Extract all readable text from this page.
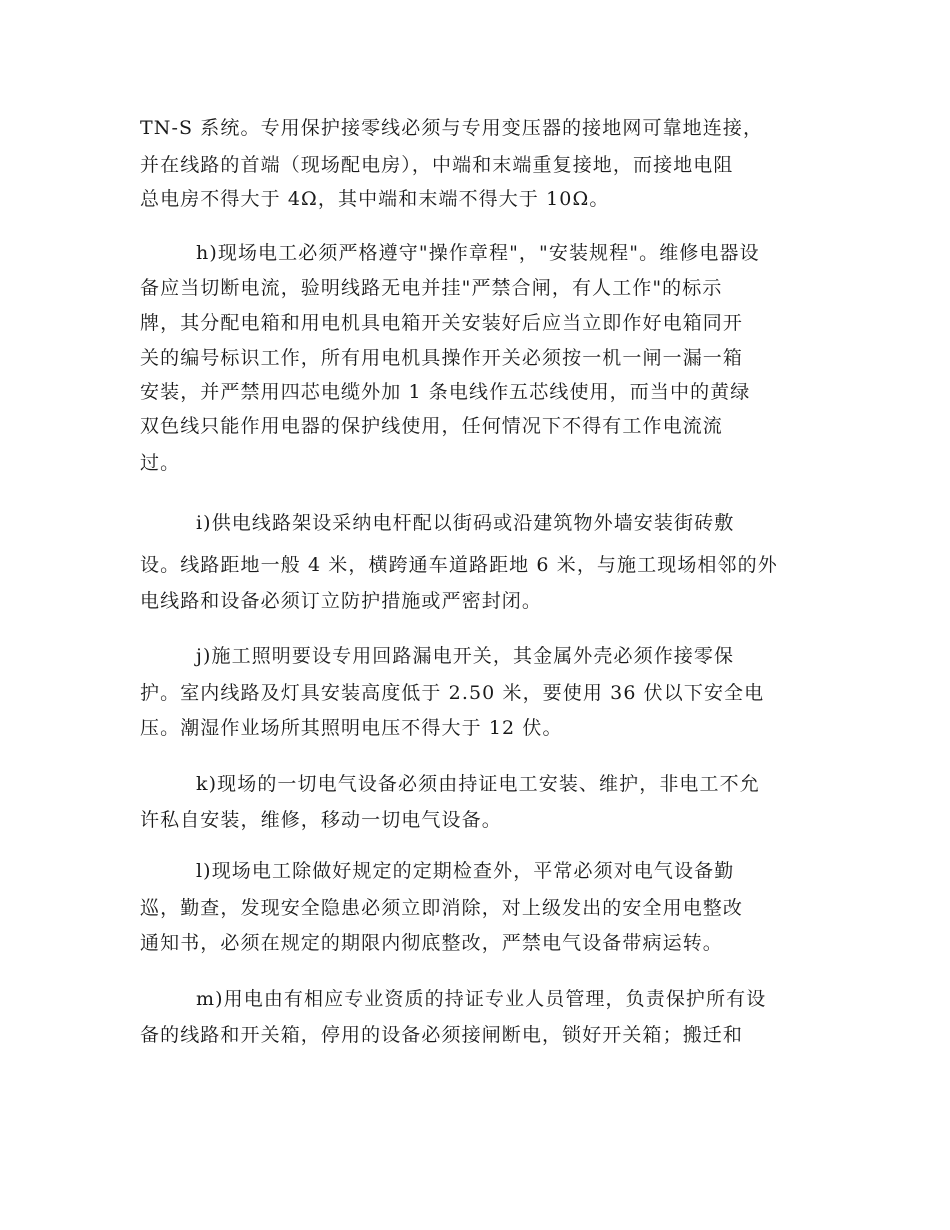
TN-S 系统。专用保护接零线必须与专用变压器的接地网可靠地连接，
并在线路的首端（现场配电房），中端和末端重复接地，而接地电阻
总电房不得大于 4Ω，其中端和末端不得大于 10Ω。
h)现场电工必须严格遵守"操作章程"，"安装规程"。维修电器设
备应当切断电流，验明线路无电并挂"严禁合闸，有人工作"的标示
牌，其分配电箱和用电机具电箱开关安装好后应当立即作好电箱同开
关的编号标识工作，所有用电机具操作开关必须按一机一闸一漏一箱
安装，并严禁用四芯电缆外加 1 条电线作五芯线使用，而当中的黄绿
双色线只能作用电器的保护线使用，任何情况下不得有工作电流流
过。
i)供电线路架设采纳电杆配以街码或沿建筑物外墙安装街砖敷
设。线路距地一般 4 米，横跨通车道路距地 6 米，与施工现场相邻的外
电线路和设备必须订立防护措施或严密封闭。
j)施工照明要设专用回路漏电开关，其金属外壳必须作接零保
护。室内线路及灯具安装高度低于 2.50 米，要使用 36 伏以下安全电
压。潮湿作业场所其照明电压不得大于 12 伏。
k)现场的一切电气设备必须由持证电工安装、维护，非电工不允
许私自安装，维修，移动一切电气设备。
l)现场电工除做好规定的定期检查外，平常必须对电气设备勤
巡，勤查，发现安全隐患必须立即消除，对上级发出的安全用电整改
通知书，必须在规定的期限内彻底整改，严禁电气设备带病运转。
m)用电由有相应专业资质的持证专业人员管理，负责保护所有设
备的线路和开关箱，停用的设备必须接闸断电，锁好开关箱；搬迁和
